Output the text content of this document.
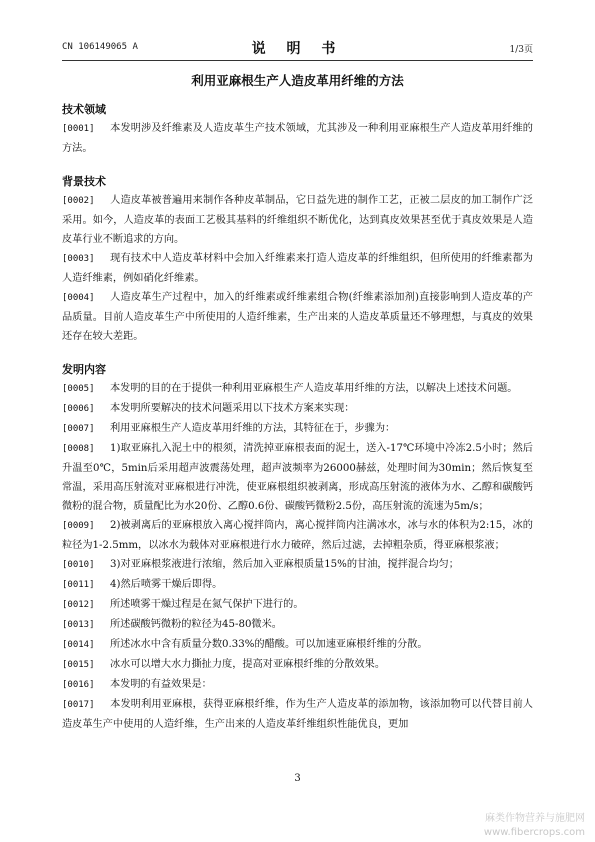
CN 106149065 A	说 明 书	1/3页
利用亚麻根生产人造皮革用纤维的方法
技术领域

[0001] 本发明涉及纤维素及人造皮革生产技术领域，尤其涉及一种利用亚麻根生产人造皮革用纤维的方法。

背景技术

[0002] 人造皮革被普遍用来制作各种皮革制品，它日益先进的制作工艺，正被二层皮的加工制作广泛采用。如今，人造皮革的表面工艺极其基料的纤维组织不断优化，达到真皮效果甚至优于真皮效果是人造皮革行业不断追求的方向。

[0003] 现有技术中人造皮革材料中会加入纤维素来打造人造皮革的纤维组织，但所使用的纤维素都为人造纤维素，例如硝化纤维素。

[0004] 人造皮革生产过程中，加入的纤维素或纤维素组合物(纤维素添加剂)直接影响到人造皮革的产品质量。目前人造皮革生产中所使用的人造纤维素，生产出来的人造皮革质量还不够理想，与真皮的效果还存在较大差距。

发明内容

[0005] 本发明的目的在于提供一种利用亚麻根生产人造皮革用纤维的方法，以解决上述技术问题。

[0006] 本发明所要解决的技术问题采用以下技术方案来实现：

[0007] 利用亚麻根生产人造皮革用纤维的方法，其特征在于，步骤为：

[0008] 1)取亚麻扎入泥土中的根须，清洗掉亚麻根表面的泥土，送入-17℃环境中冷冻2.5小时；然后升温至0℃，5min后采用超声波震荡处理，超声波频率为26000赫兹，处理时间为30min；然后恢复至常温，采用高压射流对亚麻根进行冲洗，使亚麻根组织被剥离，形成高压射流的液体为水、乙醇和碳酸钙微粉的混合物，质量配比为水20份、乙醇0.6份、碳酸钙微粉2.5份，高压射流的流速为5m/s；

[0009] 2)被剥离后的亚麻根放入离心搅拌筒内，离心搅拌筒内注满冰水，冰与水的体积为2:15，冰的粒径为1-2.5mm，以冰水为载体对亚麻根进行水力破碎，然后过滤，去掉粗杂质，得亚麻根浆液；

[0010] 3)对亚麻根浆液进行浓缩，然后加入亚麻根质量15%的甘油，搅拌混合均匀；

[0011] 4)然后喷雾干燥后即得。

[0012] 所述喷雾干燥过程是在氮气保护下进行的。

[0013] 所述碳酸钙微粉的粒径为45-80微米。

[0014] 所述冰水中含有质量分数0.33%的醋酸。可以加速亚麻根纤维的分散。

[0015] 冰水可以增大水力撕扯力度，提高对亚麻根纤维的分散效果。

[0016] 本发明的有益效果是：

[0017] 本发明利用亚麻根，获得亚麻根纤维，作为生产人造皮革的添加物，该添加物可以代替目前人造皮革生产中使用的人造纤维，生产出来的人造皮革纤维组织性能优良，更加

3
麻类作物营养与施肥网
www.fibercrops.com
